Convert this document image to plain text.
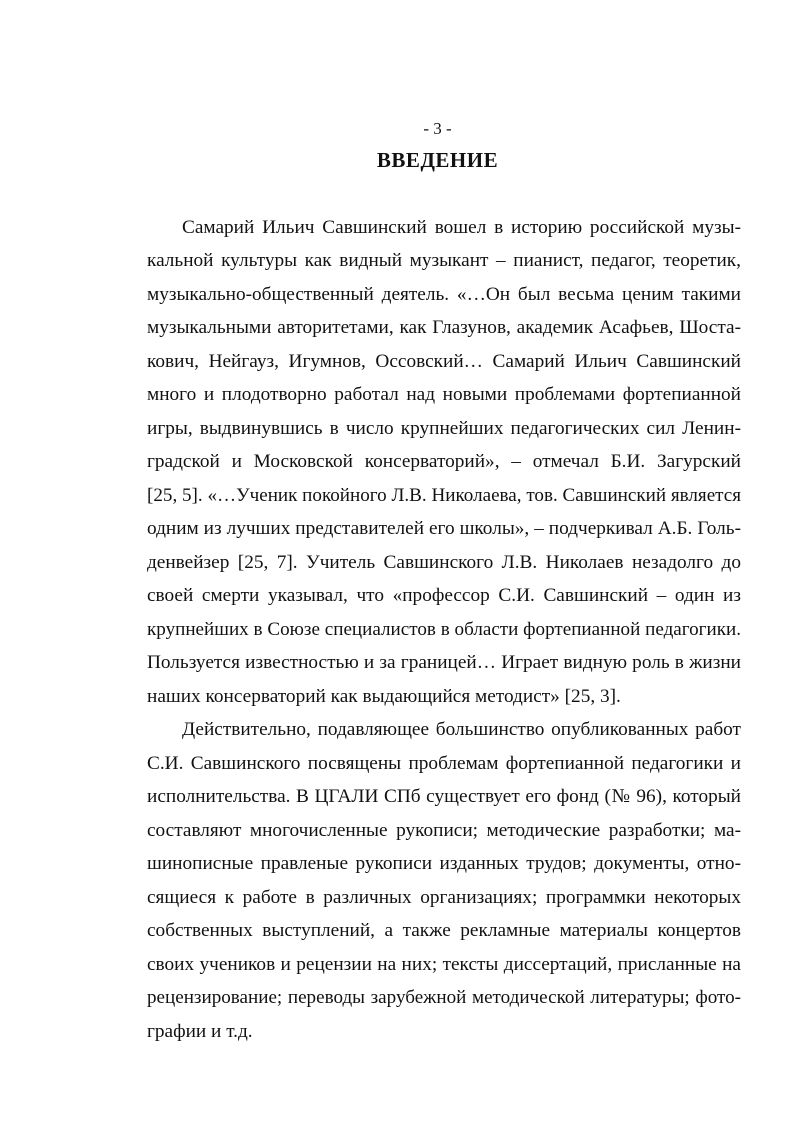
- 3 -
ВВЕДЕНИЕ
Самарий Ильич Савшинский вошел в историю российской музы-
кальной культуры как видный музыкант – пианист, педагог, теоретик,
музыкально-общественный деятель. «…Он был весьма ценим такими
музыкальными авторитетами, как Глазунов, академик Асафьев, Шоста-
кович, Нейгауз, Игумнов, Оссовский… Самарий Ильич Савшинский
много и плодотворно работал над новыми проблемами фортепианной
игры, выдвинувшись в число крупнейших педагогических сил Ленин-
градской и Московской консерваторий», – отмечал Б.И. Загурский
[25, 5]. «…Ученик покойного Л.В. Николаева, тов. Савшинский является
одним из лучших представителей его школы», – подчеркивал А.Б. Голь-
денвейзер [25, 7]. Учитель Савшинского Л.В. Николаев незадолго до
своей смерти указывал, что «профессор С.И. Савшинский – один из
крупнейших в Союзе специалистов в области фортепианной педагогики.
Пользуется известностью и за границей… Играет видную роль в жизни
наших консерваторий как выдающийся методист» [25, 3].
Действительно, подавляющее большинство опубликованных работ
С.И. Савшинского посвящены проблемам фортепианной педагогики и
исполнительства. В ЦГАЛИ СПб существует его фонд (№ 96), который
составляют многочисленные рукописи; методические разработки; ма-
шинописные правленые рукописи изданных трудов; документы, отно-
сящиеся к работе в различных организациях; программки некоторых
собственных выступлений, а также рекламные материалы концертов
своих учеников и рецензии на них; тексты диссертаций, присланные на
рецензирование; переводы зарубежной методической литературы; фото-
графии и т.д.
